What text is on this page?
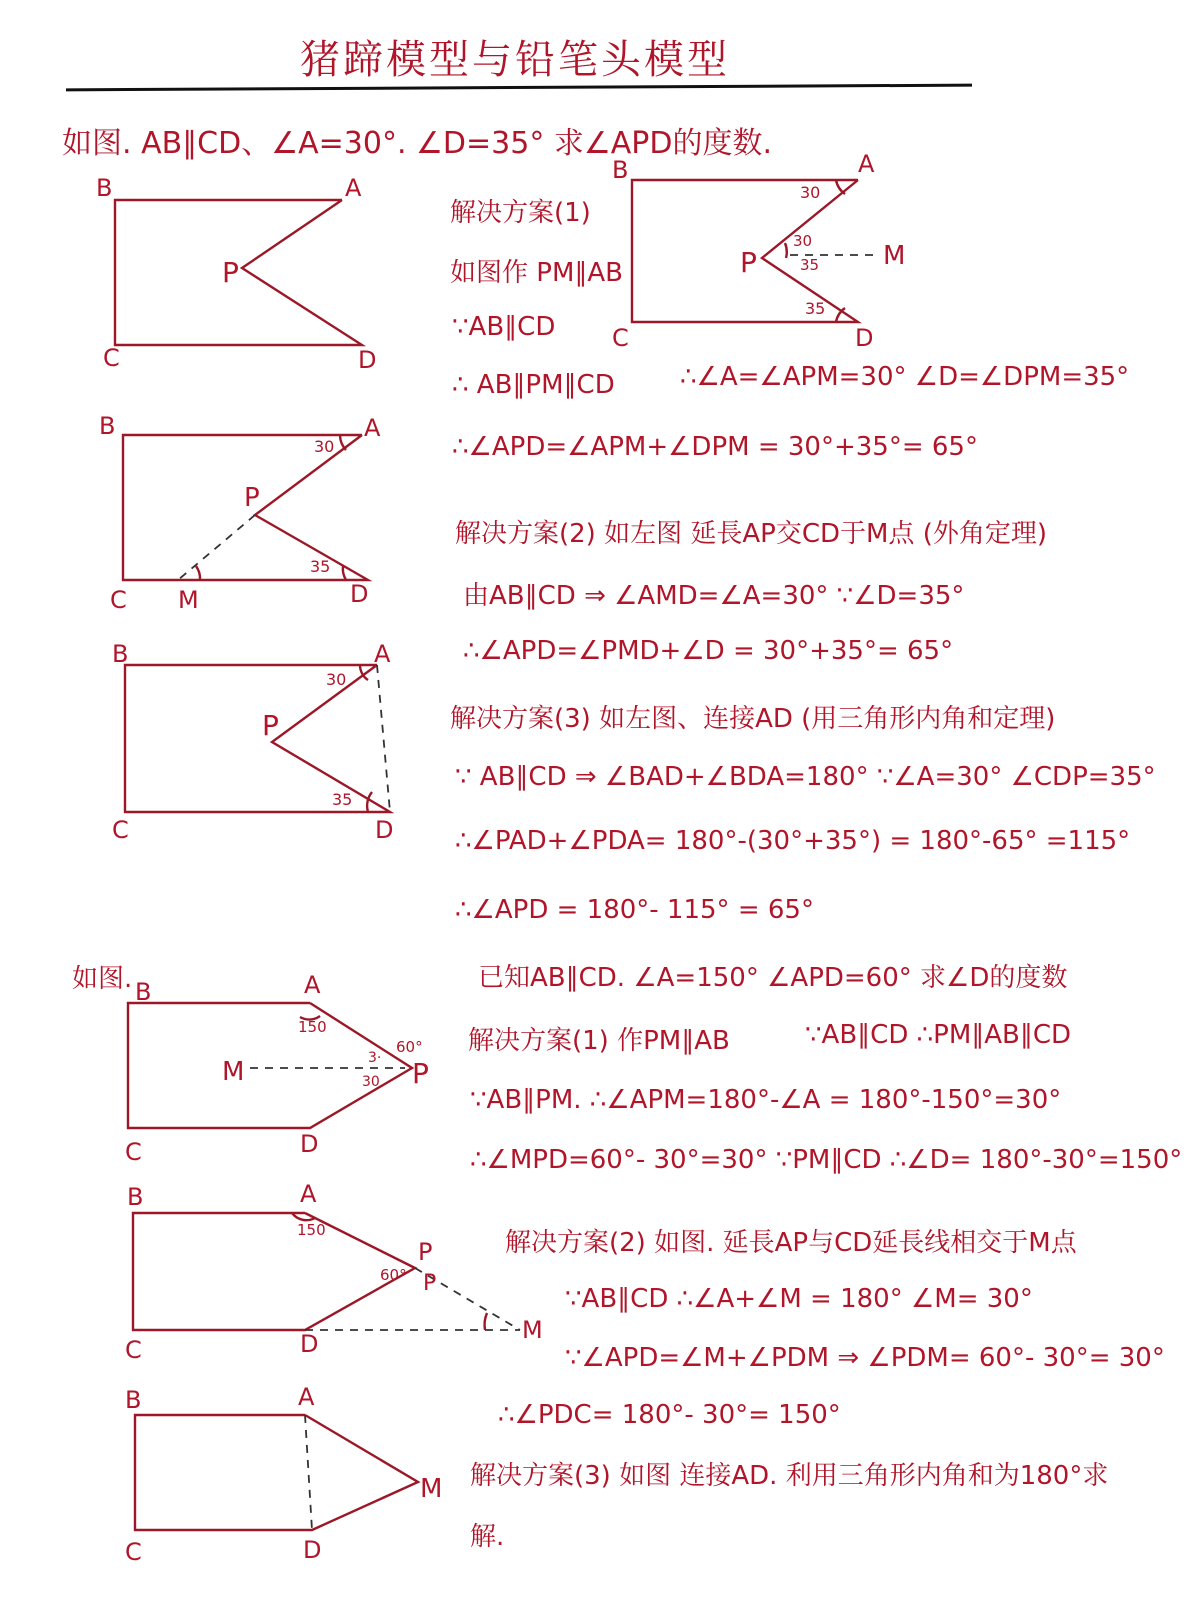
猪蹄模型与铅笔头模型
如图. AB∥CD、∠A=30°. ∠D=35° 求∠APD的度数.
解决方案(1)
如图作 PM∥AB
∵AB∥CD
∴ AB∥PM∥CD	∴∠A=∠APM=30° ∠D=∠DPM=35°
∴∠APD=∠APM+∠DPM = 30°+35°= 65°
解决方案(2) 如左图 延長AP交CD于M点 (外角定理)
由AB∥CD ⇒ ∠AMD=∠A=30° ∵∠D=35°
∴∠APD=∠PMD+∠D = 30°+35°= 65°
解决方案(3) 如左图、连接AD (用三角形内角和定理)
∵ AB∥CD ⇒ ∠BAD+∠BDA=180° ∵∠A=30° ∠CDP=35°
∴∠PAD+∠PDA= 180°-(30°+35°) = 180°-65° =115°
∴∠APD = 180°- 115° = 65°
如图.	已知AB∥CD. ∠A=150° ∠APD=60° 求∠D的度数
解决方案(1) 作PM∥AB	∵AB∥CD ∴PM∥AB∥CD
∵AB∥PM. ∴∠APM=180°-∠A = 180°-150°=30°
∴∠MPD=60°- 30°=30° ∵PM∥CD ∴∠D= 180°-30°=150°
解决方案(2) 如图. 延長AP与CD延長线相交于M点
∵AB∥CD ∴∠A+∠M = 180° ∠M= 30°
∵∠APD=∠M+∠PDM ⇒ ∠PDM= 60°- 30°= 30°
∴∠PDC= 180°- 30°= 150°
解决方案(3) 如图 连接AD. 利用三角形内角和为180°求
解.
B	A
C	D
P
B	A
C	D
P	M
30
30
35
35
B	A
C M	D
P
30
35
B	A
C	D
P
30
35
B	A
C	D
M	P
150
60°
3·
30
B	A
C	D
P
P
M
150
60°
B	A
C	D
M
